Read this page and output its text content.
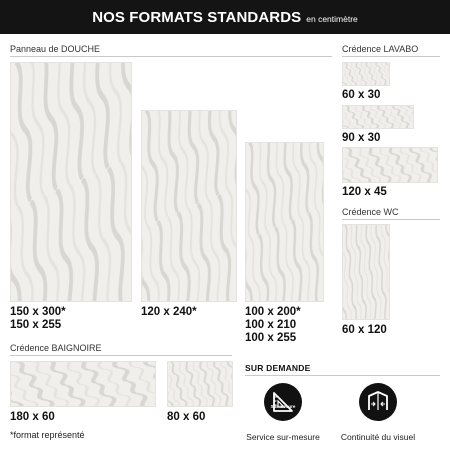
NOS FORMATS STANDARDS en centimètre
Panneau de DOUCHE
150 x 300*
150 x 255
120 x 240*	100 x 200*
100 x 210
100 x 255
Crédence LAVABO
60 x 30
90 x 30
120 x 45
Crédence WC
60 x 120
Crédence BAIGNOIRE
180 x 60	80 x 60
*format représenté
SUR DEMANDE
Sur mesure
Service sur-mesure	Continuité du visuel
